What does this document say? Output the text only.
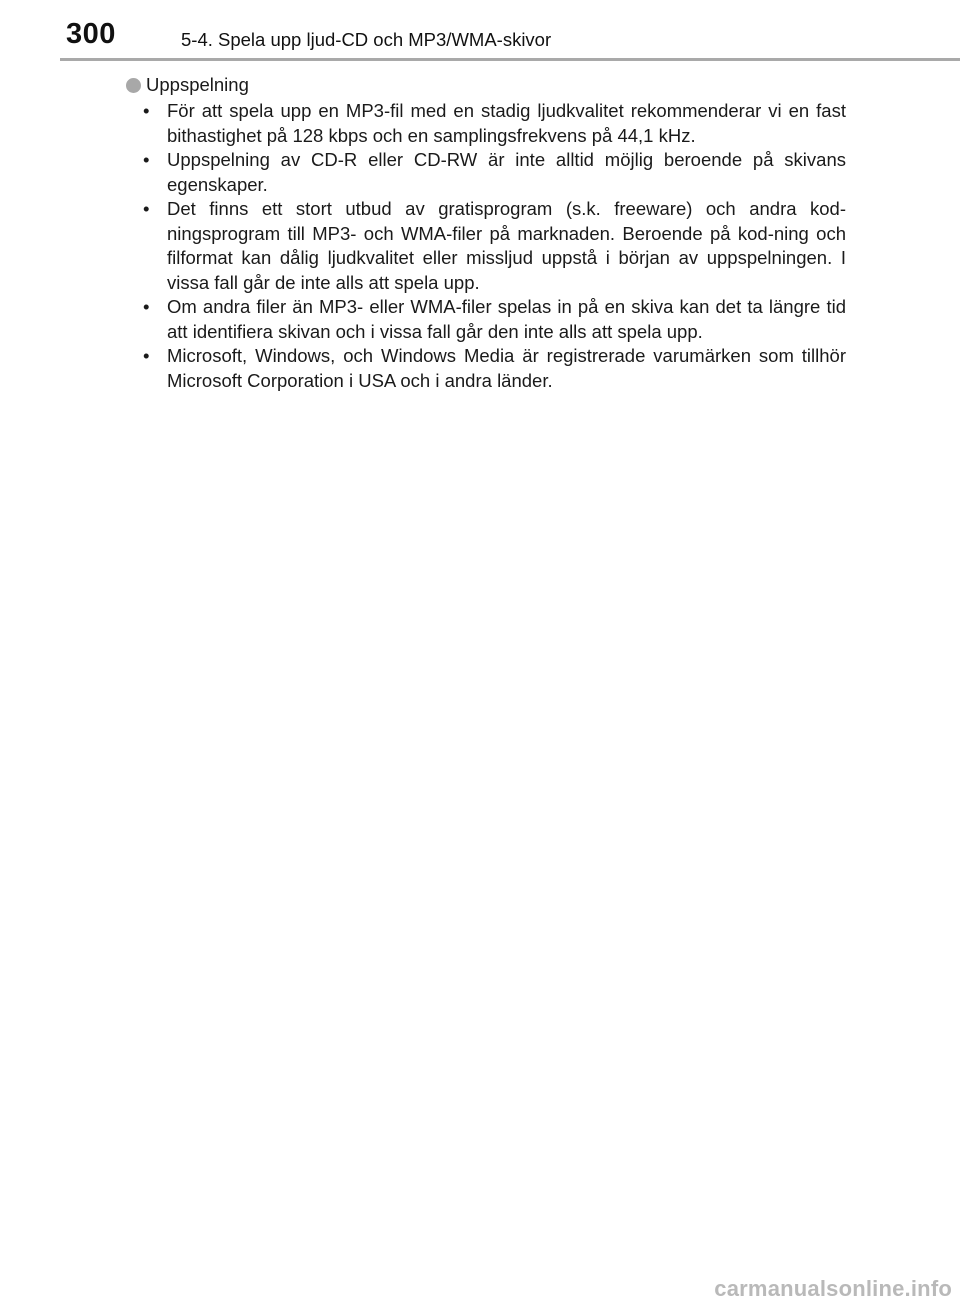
300	5-4. Spela upp ljud-CD och MP3/WMA-skivor
Uppspelning
• För att spela upp en MP3-fil med en stadig ljudkvalitet rekommenderar vi en fast bithastighet på 128 kbps och en samplingsfrekvens på 44,1 kHz.
• Uppspelning av CD-R eller CD-RW är inte alltid möjlig beroende på skivans egenskaper.
• Det finns ett stort utbud av gratisprogram (s.k. freeware) och andra kod-ningsprogram till MP3- och WMA-filer på marknaden. Beroende på kod-ning och filformat kan dålig ljudkvalitet eller missljud uppstå i början av uppspelningen. I vissa fall går de inte alls att spela upp.
• Om andra filer än MP3- eller WMA-filer spelas in på en skiva kan det ta längre tid att identifiera skivan och i vissa fall går den inte alls att spela upp.
• Microsoft, Windows, och Windows Media är registrerade varumärken som tillhör Microsoft Corporation i USA och i andra länder.
carmanualsonline.info
